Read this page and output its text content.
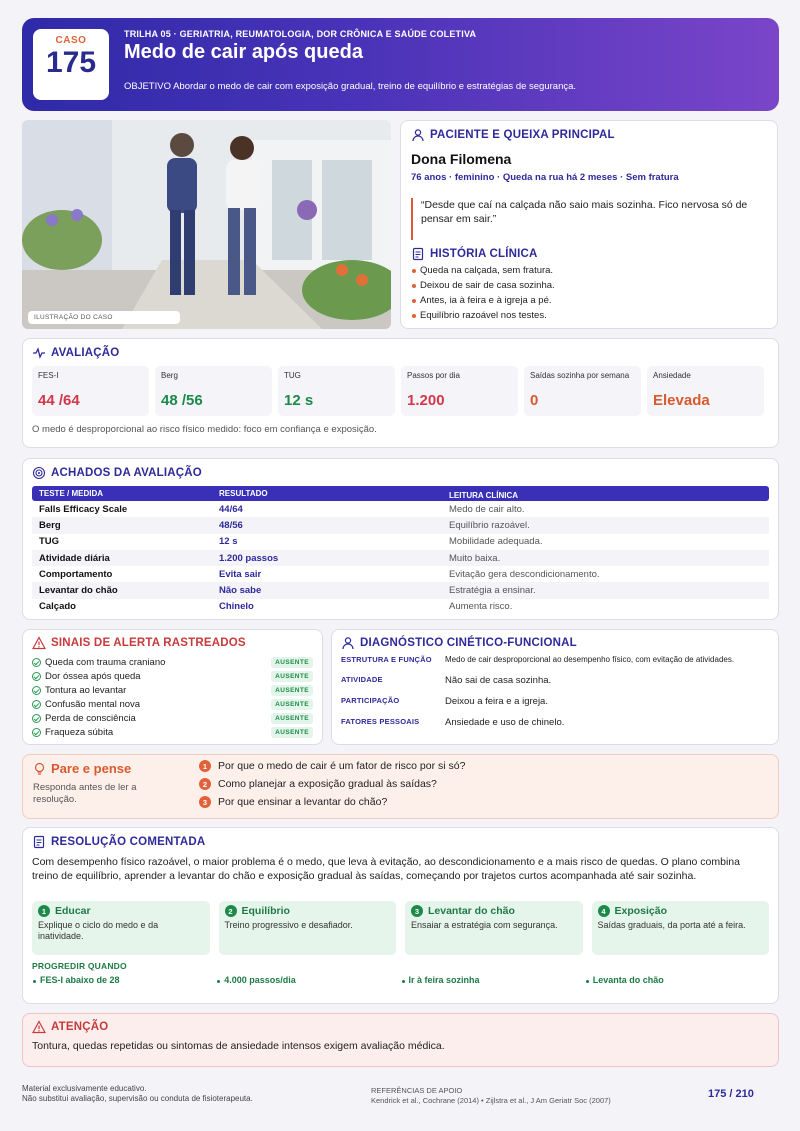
CASO
175
TRILHA 05 · GERIATRIA, REUMATOLOGIA, DOR CRÔNICA E SAÚDE COLETIVA
Medo de cair após queda
OBJETIVO Abordar o medo de cair com exposição gradual, treino de equilíbrio e estratégias de segurança.
ILUSTRAÇÃO DO CASO
PACIENTE E QUEIXA PRINCIPAL
Dona Filomena
76 anos · feminino · Queda na rua há 2 meses · Sem fratura
“Desde que caí na calçada não saio mais sozinha. Fico nervosa só de pensar em sair.”
HISTÓRIA CLÍNICA
Queda na calçada, sem fratura.
Deixou de sair de casa sozinha.
Antes, ia à feira e à igreja a pé.
Equilíbrio razoável nos testes.
AVALIAÇÃO
FES-I
44 /64
Berg
48 /56
TUG
12 s
Passos por dia
1.200
Saídas sozinha por semana
0
Ansiedade
Elevada
O medo é desproporcional ao risco físico medido: foco em confiança e exposição.
ACHADOS DA AVALIAÇÃO
TESTE / MEDIDA	RESULTADO	LEITURA CLÍNICA
Falls Efficacy Scale	44/64	Medo de cair alto.
Berg	48/56	Equilíbrio razoável.
TUG	12 s	Mobilidade adequada.
Atividade diária	1.200 passos	Muito baixa.
Comportamento	Evita sair	Evitação gera descondicionamento.
Levantar do chão	Não sabe	Estratégia a ensinar.
Calçado	Chinelo	Aumenta risco.
SINAIS DE ALERTA RASTREADOS
Queda com trauma craniano	AUSENTE
Dor óssea após queda	AUSENTE
Tontura ao levantar	AUSENTE
Confusão mental nova	AUSENTE
Perda de consciência	AUSENTE
Fraqueza súbita	AUSENTE
DIAGNÓSTICO CINÉTICO-FUNCIONAL
ESTRUTURA E FUNÇÃO	Medo de cair desproporcional ao desempenho físico, com evitação de atividades.
ATIVIDADE	Não sai de casa sozinha.
PARTICIPAÇÃO	Deixou a feira e a igreja.
FATORES PESSOAIS	Ansiedade e uso de chinelo.
Pare e pense
Responda antes de ler a resolução.
1	Por que o medo de cair é um fator de risco por si só?
2	Como planejar a exposição gradual às saídas?
3	Por que ensinar a levantar do chão?
RESOLUÇÃO COMENTADA
Com desempenho físico razoável, o maior problema é o medo, que leva à evitação, ao descondicionamento e a mais risco de quedas. O plano combina treino de equilíbrio, aprender a levantar do chão e exposição gradual às saídas, começando por trajetos curtos acompanhada até sair sozinha.
1 Educar
Explique o ciclo do medo e da inatividade.
2 Equilíbrio
Treino progressivo e desafiador.
3 Levantar do chão
Ensaiar a estratégia com segurança.
4 Exposição
Saídas graduais, da porta até a feira.
PROGREDIR QUANDO
FES-I abaixo de 28	4.000 passos/dia	Ir à feira sozinha	Levanta do chão
ATENÇÃO
Tontura, quedas repetidas ou sintomas de ansiedade intensos exigem avaliação médica.
Material exclusivamente educativo.
Não substitui avaliação, supervisão ou conduta de fisioterapeuta.
REFERÊNCIAS DE APOIO
Kendrick et al., Cochrane (2014) • Zijlstra et al., J Am Geriatr Soc (2007)
175 / 210
